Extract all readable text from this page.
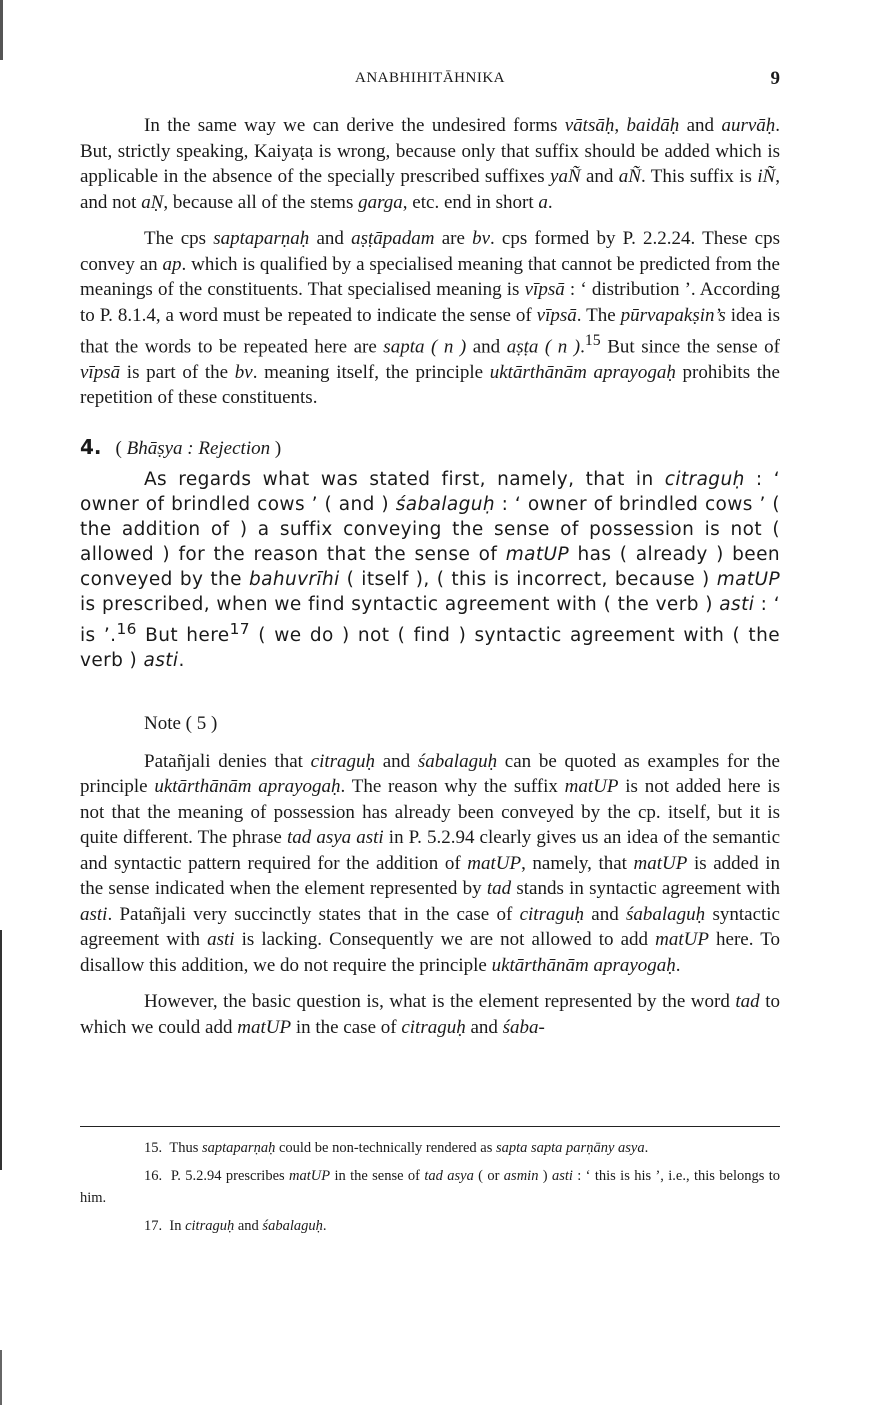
ANABHIHITĀHNIKA	9

In the same way we can derive the undesired forms vātsāḥ, baidāḥ and aurvāḥ. But, strictly speaking, Kaiyaṭa is wrong, because only that suffix should be added which is applicable in the absence of the specially prescribed suffixes yaÑ and aÑ. This suffix is iÑ, and not aṆ, because all of the stems garga, etc. end in short a.

The cps saptaparṇaḥ and aṣṭāpadam are bv. cps formed by P. 2.2.24. These cps convey an ap. which is qualified by a specialised meaning that cannot be predicted from the meanings of the constituents. That specialised meaning is vīpsā : ‘ distribution ’. According to P. 8.1.4, a word must be repeated to indicate the sense of vīpsā. The pūrvapakṣin’s idea is that the words to be repeated here are sapta ( n ) and aṣṭa ( n ).$^{15}$ But since the sense of vīpsā is part of the bv. meaning itself, the principle uktārthānām aprayogaḥ prohibits the repetition of these constituents.

4. ( Bhāṣya : Rejection )

As regards what was stated first, namely, that in citraguḥ : ‘ owner of brindled cows ’ ( and ) śabalaguḥ : ‘ owner of brindled cows ’ ( the addition of ) a suffix conveying the sense of possession is not ( allowed ) for the reason that the sense of matUP has ( already ) been conveyed by the bahuvrīhi ( itself ), ( this is incorrect, because ) matUP is prescribed, when we find syntactic agreement with ( the verb ) asti : ‘ is ’.$^{16}$ But here$^{17}$ ( we do ) not ( find ) syntactic agreement with ( the verb ) asti.

Note ( 5 )

Patañjali denies that citraguḥ and śabalaguḥ can be quoted as examples for the principle uktārthānām aprayogaḥ. The reason why the suffix matUP is not added here is not that the meaning of possession has already been conveyed by the cp. itself, but it is quite different. The phrase tad asya asti in P. 5.2.94 clearly gives us an idea of the semantic and syntactic pattern required for the addition of matUP, namely, that matUP is added in the sense indicated when the element represented by tad stands in syntactic agreement with asti. Patañjali very succinctly states that in the case of citraguḥ and śabalaguḥ syntactic agreement with asti is lacking. Consequently we are not allowed to add matUP here. To disallow this addition, we do not require the principle uktārthānām aprayogaḥ.

However, the basic question is, what is the element represented by the word tad to which we could add matUP in the case of citraguḥ and śaba-

15. Thus saptaparṇaḥ could be non-technically rendered as sapta sapta parṇāny asya.

16. P. 5.2.94 prescribes matUP in the sense of tad asya ( or asmin ) asti : ‘ this is his ’, i.e., this belongs to him.

17. In citraguḥ and śabalaguḥ.
